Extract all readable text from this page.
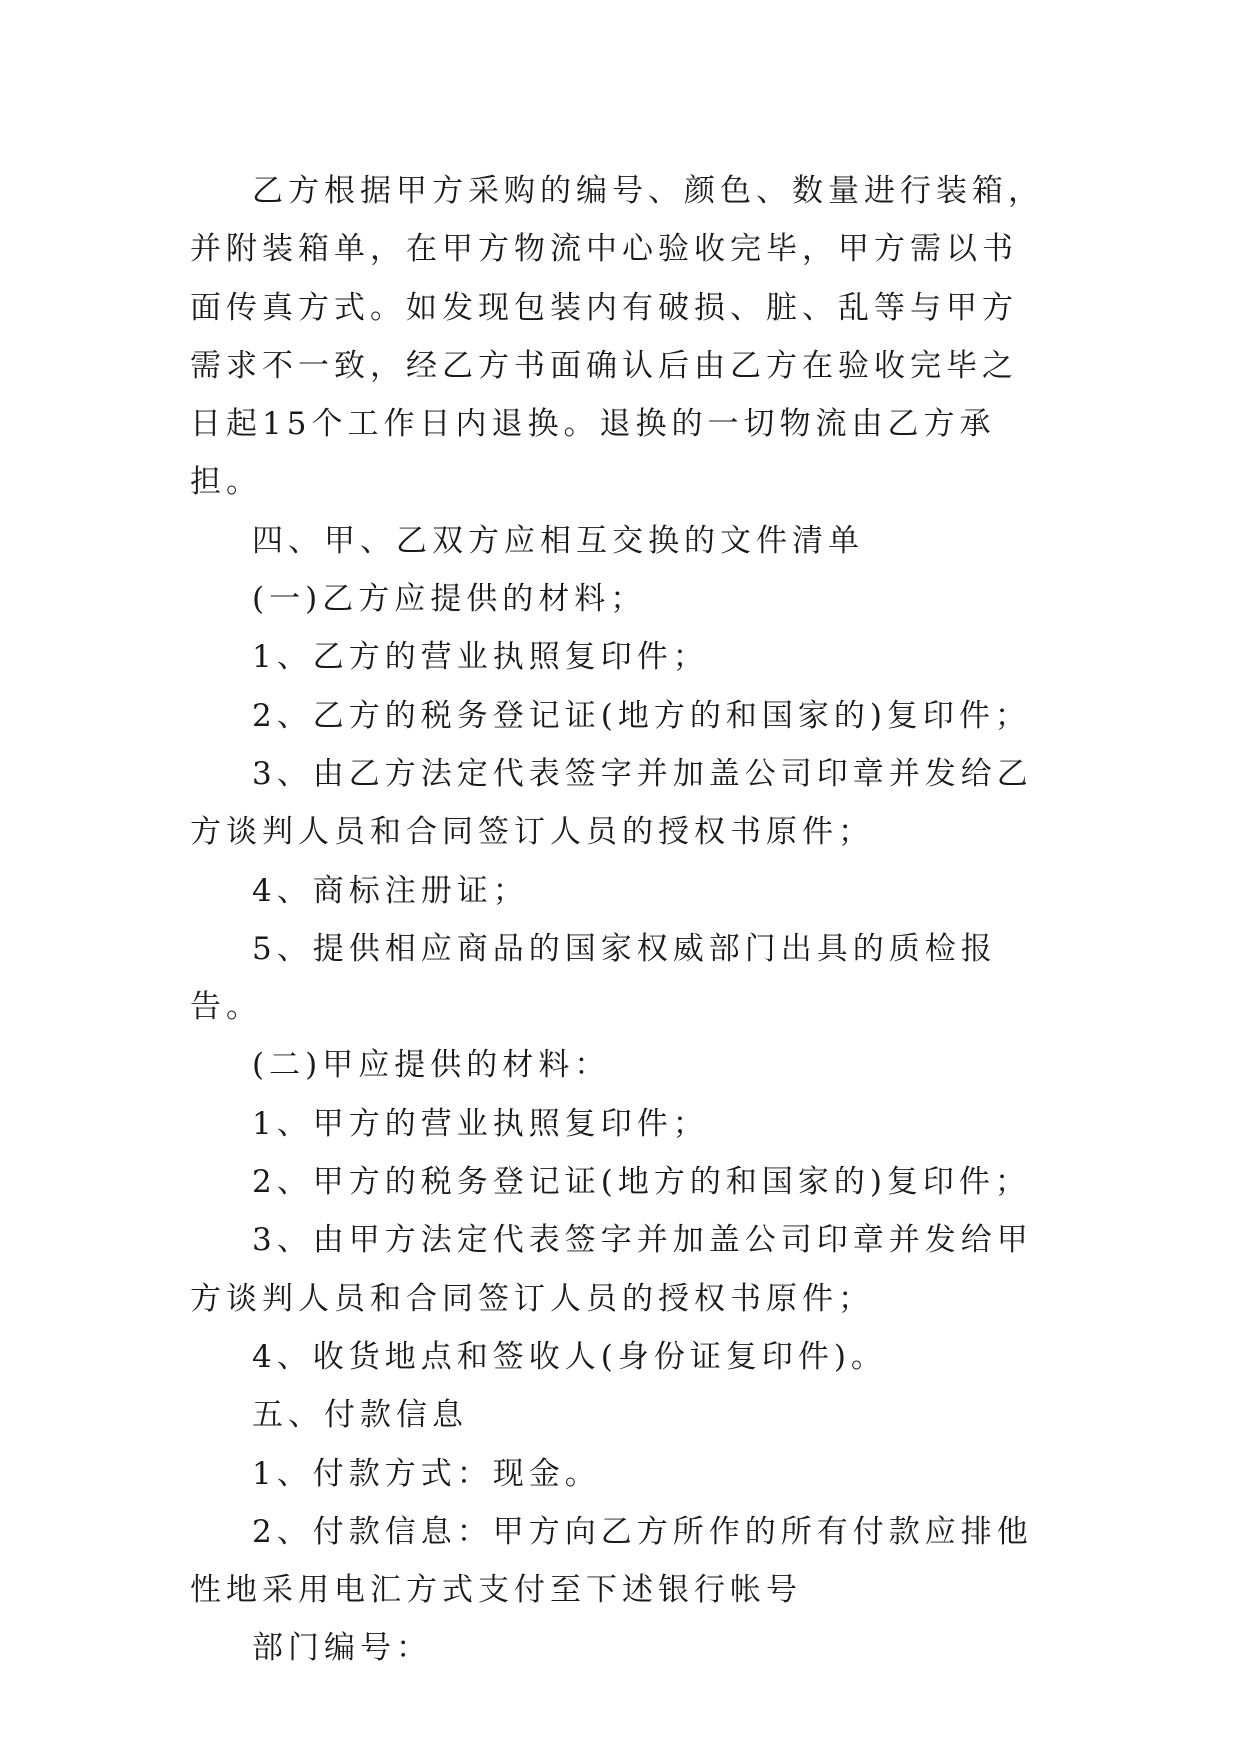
乙方根据甲方采购的编号、颜色、数量进行装箱，并附装箱单，在甲方物流中心验收完毕，甲方需以书面传真方式。如发现包装内有破损、脏、乱等与甲方需求不一致，经乙方书面确认后由乙方在验收完毕之日起15个工作日内退换。退换的一切物流由乙方承担。

四、甲、乙双方应相互交换的文件清单

(一)乙方应提供的材料；

1、乙方的营业执照复印件；

2、乙方的税务登记证(地方的和国家的)复印件；

3、由乙方法定代表签字并加盖公司印章并发给乙方谈判人员和合同签订人员的授权书原件；

4、商标注册证；

5、提供相应商品的国家权威部门出具的质检报告。

(二)甲应提供的材料：

1、甲方的营业执照复印件；

2、甲方的税务登记证(地方的和国家的)复印件；

3、由甲方法定代表签字并加盖公司印章并发给甲方谈判人员和合同签订人员的授权书原件；

4、收货地点和签收人(身份证复印件)。

五、付款信息

1、付款方式：现金。

2、付款信息：甲方向乙方所作的所有付款应排他性地采用电汇方式支付至下述银行帐号

部门编号：
